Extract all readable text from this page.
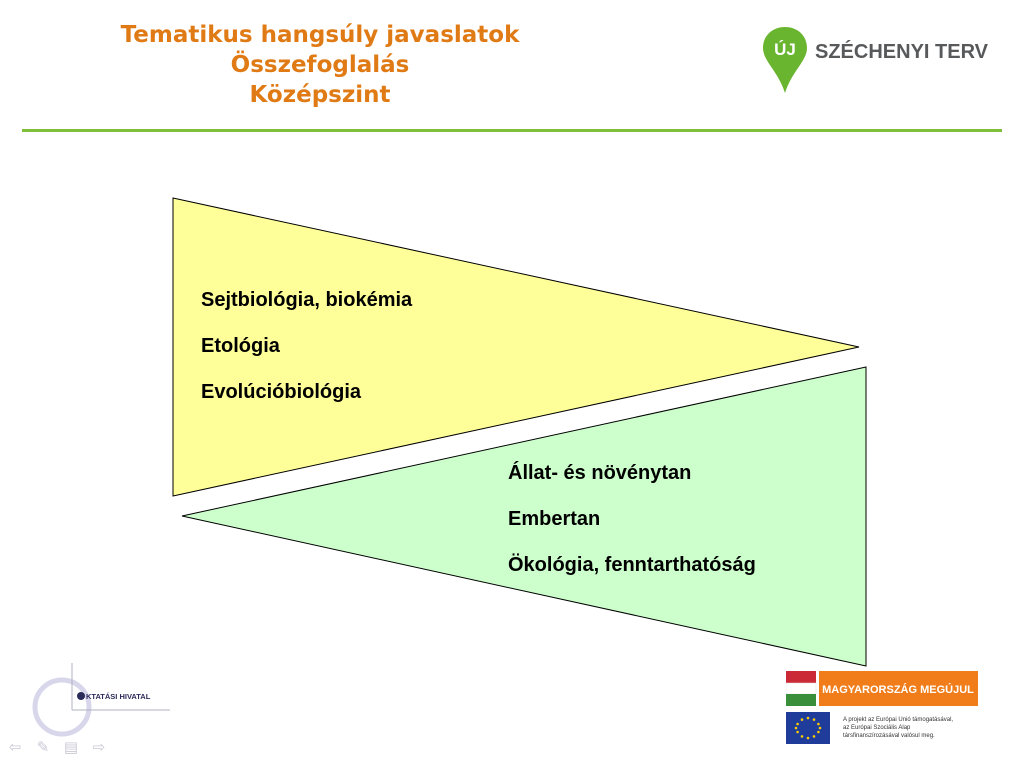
Tematikus hangsúly javaslatok
Összefoglalás
Középszint
ÚJ SZÉCHENYI TERV
Sejtbiológia, biokémia
Etológia
Evolúcióbiológia
Állat- és növénytan
Embertan
Ökológia, fenntarthatóság
KTATÁSI HIVATAL
⇦ ✎ ▤ ⇨
MAGYARORSZÁG MEGÚJUL
A projekt az Európai Unió támogatásával,
az Európai Szociális Alap
társfinanszírozásával valósul meg.
